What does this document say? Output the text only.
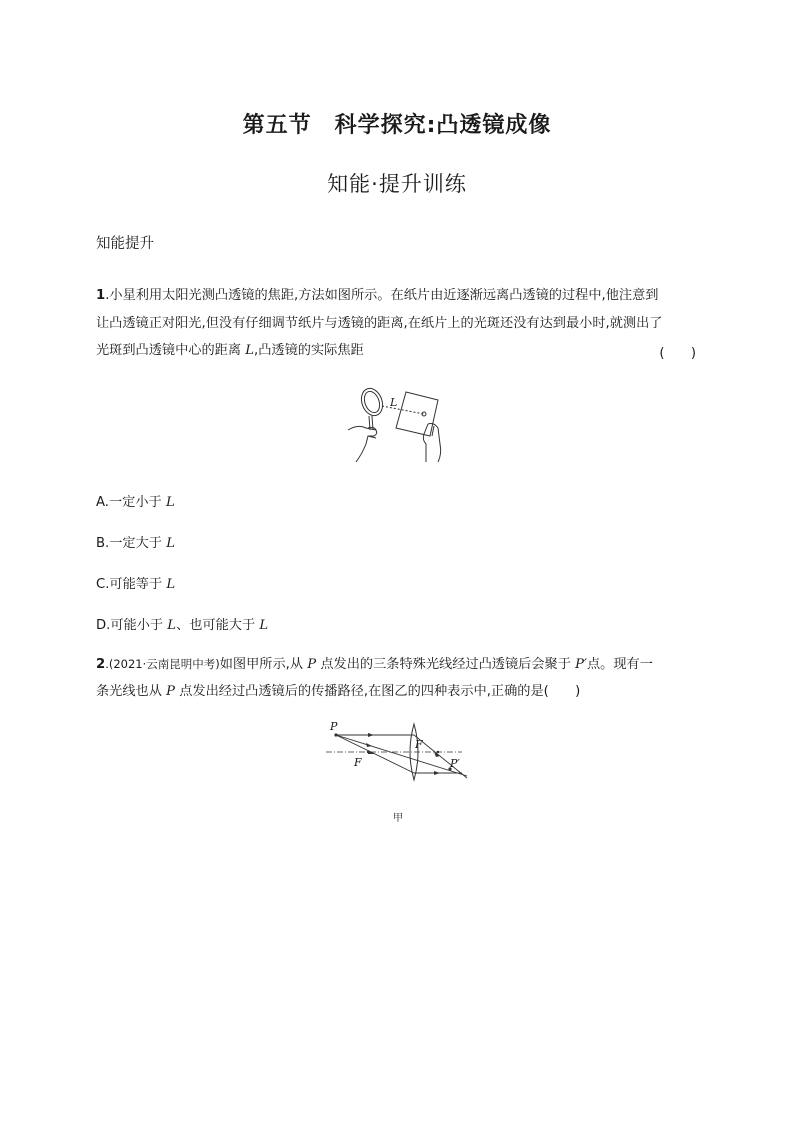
第五节　科学探究:凸透镜成像
知能·提升训练
知能提升
1.小星利用太阳光测凸透镜的焦距,方法如图所示。在纸片由近逐渐远离凸透镜的过程中,他注意到
让凸透镜正对阳光,但没有仔细调节纸片与透镜的距离,在纸片上的光斑还没有达到最小时,就测出了
光斑到凸透镜中心的距离 L,凸透镜的实际焦距	(　　)
L
A.一定小于 L
B.一定大于 L
C.可能等于 L
D.可能小于 L、也可能大于 L
2.(2021·云南昆明中考)如图甲所示,从 P 点发出的三条特殊光线经过凸透镜后会聚于 P′点。现有一
条光线也从 P 点发出经过凸透镜后的传播路径,在图乙的四种表示中,正确的是(　　)
P
F
F	P′
甲
